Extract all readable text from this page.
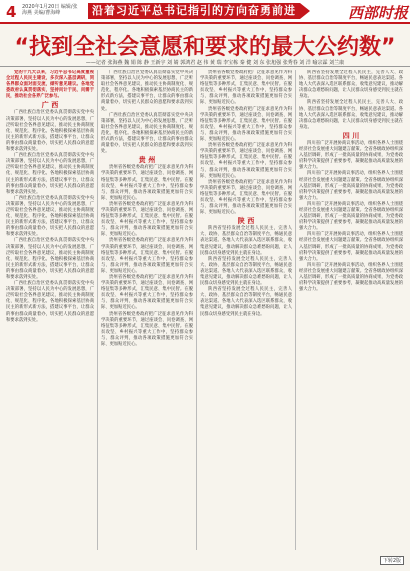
4 2020年1月20日 编辑/张海燕 美编/曹海峰	沿着习近平总书记指引的方向奋勇前进	西部时报
“找到全社会意愿和要求的最大公约数”
——记者 张海燕 魏 娟 陈 静 王新宇 刘 婧 郭鸿君 赵 伟 黄 瑞 李宝栋 秦 健 刘 东 张旭强 张秀春 刘 洋 喻宗霖 刘兰康

党的十九大以来，习近平总书记高度重视全过程人民民主建设，多次深入基层调研，同各界群众面对面交流，倾听意见建议。各地党委政府认真贯彻落实，坚持问计于民、问需于民，推动社会各界广泛参与。

广 西

广西壮族自治区党委认真贯彻落实党中央决策部署，坚持以人民为中心的发展思想，广泛听取社会各界意见建议，推动民主协商制度化、规范化、程序化。各地积极探索基层协商民主的新形式新方法，搭建议事平台，让群众的事由群众商量着办，切实把人民群众的意愿和要求落到实处。

广西壮族自治区党委认真贯彻落实党中央决策部署，坚持以人民为中心的发展思想，广泛听取社会各界意见建议，推动民主协商制度化、规范化、程序化。各地积极探索基层协商民主的新形式新方法，搭建议事平台，让群众的事由群众商量着办，切实把人民群众的意愿和要求落到实处。

广西壮族自治区党委认真贯彻落实党中央决策部署，坚持以人民为中心的发展思想，广泛听取社会各界意见建议，推动民主协商制度化、规范化、程序化。各地积极探索基层协商民主的新形式新方法，搭建议事平台，让群众的事由群众商量着办，切实把人民群众的意愿和要求落到实处。

广西壮族自治区党委认真贯彻落实党中央决策部署，坚持以人民为中心的发展思想，广泛听取社会各界意见建议，推动民主协商制度化、规范化、程序化。各地积极探索基层协商民主的新形式新方法，搭建议事平台，让群众的事由群众商量着办，切实把人民群众的意愿和要求落到实处。

广西壮族自治区党委认真贯彻落实党中央决策部署，坚持以人民为中心的发展思想，广泛听取社会各界意见建议，推动民主协商制度化、规范化、程序化。各地积极探索基层协商民主的新形式新方法，搭建议事平台，让群众的事由群众商量着办，切实把人民群众的意愿和要求落到实处。

广西壮族自治区党委认真贯彻落实党中央决策部署，坚持以人民为中心的发展思想，广泛听取社会各界意见建议，推动民主协商制度化、规范化、程序化。各地积极探索基层协商民主的新形式新方法，搭建议事平台，让群众的事由群众商量着办，切实把人民群众的意愿和要求落到实处。

广西壮族自治区党委认真贯彻落实党中央决策部署，坚持以人民为中心的发展思想，广泛听取社会各界意见建议，推动民主协商制度化、规范化、程序化。各地积极探索基层协商民主的新形式新方法，搭建议事平台，让群众的事由群众商量着办，切实把人民群众的意愿和要求落到实处。

贵 州

贵州省各级党委政府把广泛征求意见作为科学决策的重要环节，通过座谈会、问卷调查、网络征集等多种形式，汇集民意、集中民智。在脱贫攻坚、乡村振兴等重大工作中，坚持群众参与、群众评判，推动各项政策措施更加符合实际、更加贴近民心。

贵州省各级党委政府把广泛征求意见作为科学决策的重要环节，通过座谈会、问卷调查、网络征集等多种形式，汇集民意、集中民智。在脱贫攻坚、乡村振兴等重大工作中，坚持群众参与、群众评判，推动各项政策措施更加符合实际、更加贴近民心。

贵州省各级党委政府把广泛征求意见作为科学决策的重要环节，通过座谈会、问卷调查、网络征集等多种形式，汇集民意、集中民智。在脱贫攻坚、乡村振兴等重大工作中，坚持群众参与、群众评判，推动各项政策措施更加符合实际、更加贴近民心。

贵州省各级党委政府把广泛征求意见作为科学决策的重要环节，通过座谈会、问卷调查、网络征集等多种形式，汇集民意、集中民智。在脱贫攻坚、乡村振兴等重大工作中，坚持群众参与、群众评判，推动各项政策措施更加符合实际、更加贴近民心。

贵州省各级党委政府把广泛征求意见作为科学决策的重要环节，通过座谈会、问卷调查、网络征集等多种形式，汇集民意、集中民智。在脱贫攻坚、乡村振兴等重大工作中，坚持群众参与、群众评判，推动各项政策措施更加符合实际、更加贴近民心。

贵州省各级党委政府把广泛征求意见作为科学决策的重要环节，通过座谈会、问卷调查、网络征集等多种形式，汇集民意、集中民智。在脱贫攻坚、乡村振兴等重大工作中，坚持群众参与、群众评判，推动各项政策措施更加符合实际、更加贴近民心。

贵州省各级党委政府把广泛征求意见作为科学决策的重要环节，通过座谈会、问卷调查、网络征集等多种形式，汇集民意、集中民智。在脱贫攻坚、乡村振兴等重大工作中，坚持群众参与、群众评判，推动各项政策措施更加符合实际、更加贴近民心。

贵州省各级党委政府把广泛征求意见作为科学决策的重要环节，通过座谈会、问卷调查、网络征集等多种形式，汇集民意、集中民智。在脱贫攻坚、乡村振兴等重大工作中，坚持群众参与、群众评判，推动各项政策措施更加符合实际、更加贴近民心。

贵州省各级党委政府把广泛征求意见作为科学决策的重要环节，通过座谈会、问卷调查、网络征集等多种形式，汇集民意、集中民智。在脱贫攻坚、乡村振兴等重大工作中，坚持群众参与、群众评判，推动各项政策措施更加符合实际、更加贴近民心。

陕 西

陕西省坚持发展全过程人民民主，完善人大、政协、基层群众自治等制度平台，畅通民意表达渠道。各地人大代表深入选区联系群众，收集意见建议，推动解决群众急难愁盼问题，让人民群众切身感受到民主就在身边。

陕西省坚持发展全过程人民民主，完善人大、政协、基层群众自治等制度平台，畅通民意表达渠道。各地人大代表深入选区联系群众，收集意见建议，推动解决群众急难愁盼问题，让人民群众切身感受到民主就在身边。

陕西省坚持发展全过程人民民主，完善人大、政协、基层群众自治等制度平台，畅通民意表达渠道。各地人大代表深入选区联系群众，收集意见建议，推动解决群众急难愁盼问题，让人民群众切身感受到民主就在身边。

陕西省坚持发展全过程人民民主，完善人大、政协、基层群众自治等制度平台，畅通民意表达渠道。各地人大代表深入选区联系群众，收集意见建议，推动解决群众急难愁盼问题，让人民群众切身感受到民主就在身边。

陕西省坚持发展全过程人民民主，完善人大、政协、基层群众自治等制度平台，畅通民意表达渠道。各地人大代表深入选区联系群众，收集意见建议，推动解决群众急难愁盼问题，让人民群众切身感受到民主就在身边。

四 川

四川省广泛开展协商议事活动，组织各界人士围绕经济社会发展重大问题建言献策。全省各级政协组织深入基层调研，形成了一批高质量的协商成果，为党委政府科学决策提供了重要参考，凝聚起推动高质量发展的强大合力。

四川省广泛开展协商议事活动，组织各界人士围绕经济社会发展重大问题建言献策。全省各级政协组织深入基层调研，形成了一批高质量的协商成果，为党委政府科学决策提供了重要参考，凝聚起推动高质量发展的强大合力。

四川省广泛开展协商议事活动，组织各界人士围绕经济社会发展重大问题建言献策。全省各级政协组织深入基层调研，形成了一批高质量的协商成果，为党委政府科学决策提供了重要参考，凝聚起推动高质量发展的强大合力。

四川省广泛开展协商议事活动，组织各界人士围绕经济社会发展重大问题建言献策。全省各级政协组织深入基层调研，形成了一批高质量的协商成果，为党委政府科学决策提供了重要参考，凝聚起推动高质量发展的强大合力。

四川省广泛开展协商议事活动，组织各界人士围绕经济社会发展重大问题建言献策。全省各级政协组织深入基层调研，形成了一批高质量的协商成果，为党委政府科学决策提供了重要参考，凝聚起推动高质量发展的强大合力。

下转2版
